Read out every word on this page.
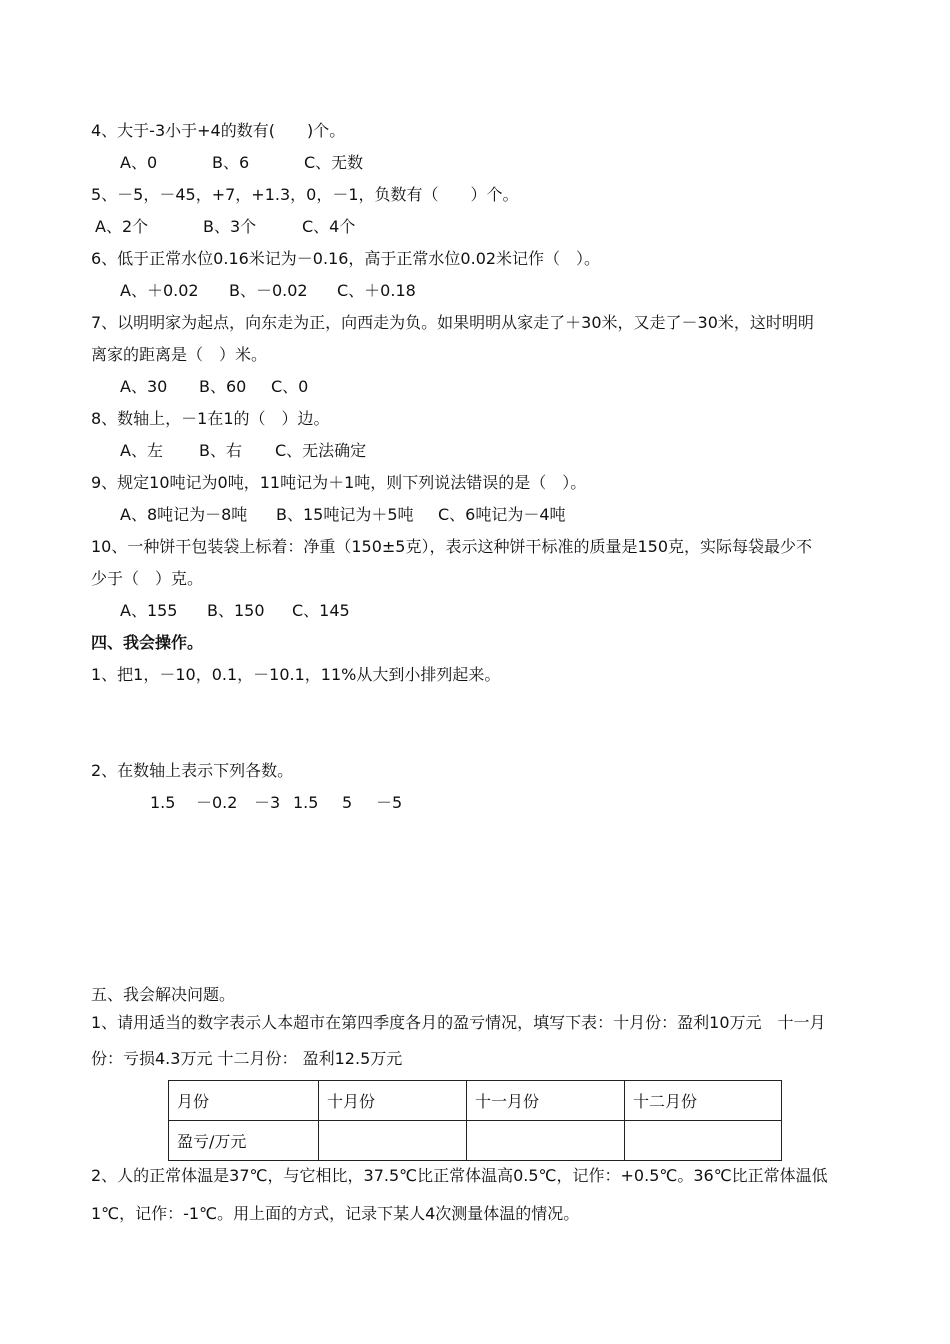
4、大于-3小于+4的数有(　　)个。
A、0	B、6	C、无数
5、－5，－45，+7，+1.3，0，－1，负数有（　　）个。
A、2个	B、3个	C、4个
6、低于正常水位0.16米记为－0.16，高于正常水位0.02米记作（　）。
A、＋0.02 B、－0.02 C、＋0.18
7、以明明家为起点，向东走为正，向西走为负。如果明明从家走了＋30米，又走了－30米，这时明明
离家的距离是（　）米。
A、30 B、60 C、0
8、数轴上，－1在1的（　）边。
A、左 B、右 C、无法确定
9、规定10吨记为0吨，11吨记为＋1吨，则下列说法错误的是（　）。
A、8吨记为－8吨 B、15吨记为＋5吨 C、6吨记为－4吨
10、一种饼干包装袋上标着：净重（150±5克），表示这种饼干标准的质量是150克，实际每袋最少不
少于（　）克。
A、155 B、150 C、145
四、我会操作。
1、把1，－10，0.1，－10.1，11%从大到小排列起来。
2、在数轴上表示下列各数。
1.5 －0.2 －3 1.5 5 －5
五、我会解决问题。
1、请用适当的数字表示人本超市在第四季度各月的盈亏情况，填写下表：十月份：盈利10万元　十一月
份：亏损4.3万元 十二月份： 盈利12.5万元
月份	十月份	十一月份	十二月份
盈亏/万元			
2、人的正常体温是37℃，与它相比，37.5℃比正常体温高0.5℃，记作：+0.5℃。36℃比正常体温低
1℃，记作：-1℃。用上面的方式，记录下某人4次测量体温的情况。
